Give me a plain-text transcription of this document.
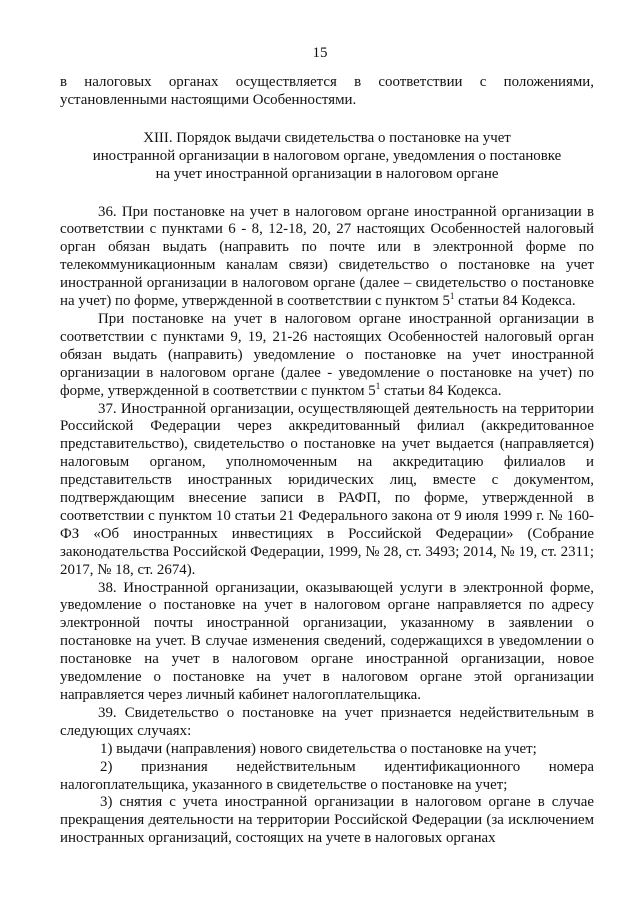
15

в налоговых органах осуществляется в соответствии с положениями, установленными настоящими Особенностями.

XIII. Порядок выдачи свидетельства о постановке на учет
иностранной организации в налоговом органе, уведомления о постановке
на учет иностранной организации в налоговом органе

36. При постановке на учет в налоговом органе иностранной организации в соответствии с пунктами 6 - 8, 12-18, 20, 27 настоящих Особенностей налоговый орган обязан выдать (направить по почте или в электронной форме по телекоммуникационным каналам связи) свидетельство о постановке на учет иностранной организации в налоговом органе (далее – свидетельство о постановке на учет) по форме, утвержденной в соответствии с пунктом $5^1$ статьи 84 Кодекса.

При постановке на учет в налоговом органе иностранной организации в соответствии с пунктами 9, 19, 21-26 настоящих Особенностей налоговый орган обязан выдать (направить) уведомление о постановке на учет иностранной организации в налоговом органе (далее - уведомление о постановке на учет) по форме, утвержденной в соответствии с пунктом $5^1$ статьи 84 Кодекса.

37. Иностранной организации, осуществляющей деятельность на территории Российской Федерации через аккредитованный филиал (аккредитованное представительство), свидетельство о постановке на учет выдается (направляется) налоговым органом, уполномоченным на аккредитацию филиалов и представительств иностранных юридических лиц, вместе с документом, подтверждающим внесение записи в РАФП, по форме, утвержденной в соответствии с пунктом 10 статьи 21 Федерального закона от 9 июля 1999 г. № 160-ФЗ «Об иностранных инвестициях в Российской Федерации» (Собрание законодательства Российской Федерации, 1999, № 28, ст. 3493; 2014, № 19, ст. 2311; 2017, № 18, ст. 2674).

38. Иностранной организации, оказывающей услуги в электронной форме, уведомление о постановке на учет в налоговом органе направляется по адресу электронной почты иностранной организации, указанному в заявлении о постановке на учет. В случае изменения сведений, содержащихся в уведомлении о постановке на учет в налоговом органе иностранной организации, новое уведомление о постановке на учет в налоговом органе этой организации направляется через личный кабинет налогоплательщика.

39. Свидетельство о постановке на учет признается недействительным в следующих случаях:

1) выдачи (направления) нового свидетельства о постановке на учет;

2) признания недействительным идентификационного номера налогоплательщика, указанного в свидетельстве о постановке на учет;

3) снятия с учета иностранной организации в налоговом органе в случае прекращения деятельности на территории Российской Федерации (за исключением иностранных организаций, состоящих на учете в налоговых органах
